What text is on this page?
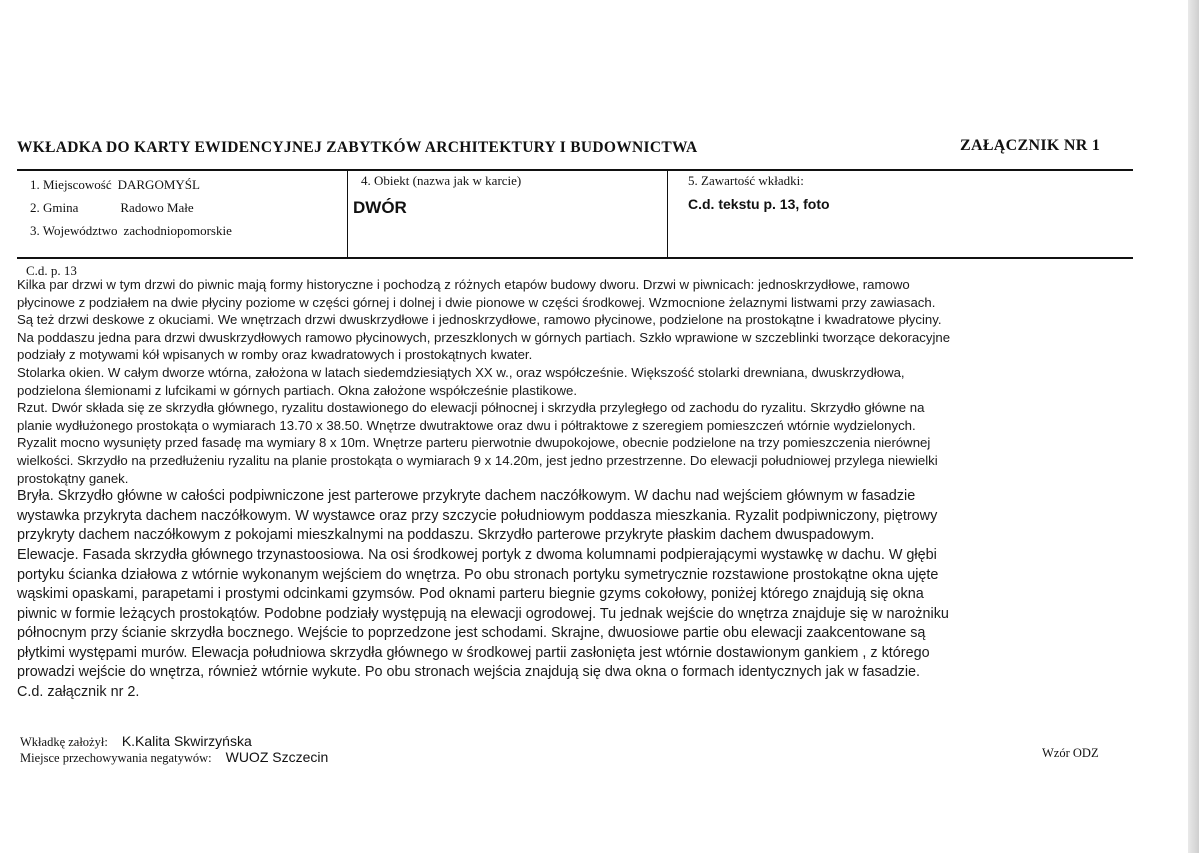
WKŁADKA DO KARTY EWIDENCYJNEJ ZABYTKÓW ARCHITEKTURY I BUDOWNICTWA	ZAŁĄCZNIK NR 1
1. Miejscowość DARGOMYŚL
2. Gmina	Radowo Małe
3. Województwo zachodniopomorskie
4. Obiekt (nazwa jak w karcie)
DWÓR
5. Zawartość wkładki:
C.d. tekstu p. 13, foto
C.d. p. 13
Kilka par drzwi w tym drzwi do piwnic mają formy historyczne i pochodzą z różnych etapów budowy dworu. Drzwi w piwnicach: jednoskrzydłowe, ramowo
płycinowe z podziałem na dwie płyciny poziome w części górnej i dolnej i dwie pionowe w części środkowej. Wzmocnione żelaznymi listwami przy zawiasach.
Są też drzwi deskowe z okuciami. We wnętrzach drzwi dwuskrzydłowe i jednoskrzydłowe, ramowo płycinowe, podzielone na prostokątne i kwadratowe płyciny.
Na poddaszu jedna para drzwi dwuskrzydłowych ramowo płycinowych, przeszklonych w górnych partiach. Szkło wprawione w szczeblinki tworzące dekoracyjne
podziały z motywami kół wpisanych w romby oraz kwadratowych i prostokątnych kwater.
Stolarka okien. W całym dworze wtórna, założona w latach siedemdziesiątych XX w., oraz współcześnie. Większość stolarki drewniana, dwuskrzydłowa,
podzielona ślemionami z lufcikami w górnych partiach. Okna założone współcześnie plastikowe.
Rzut. Dwór składa się ze skrzydła głównego, ryzalitu dostawionego do elewacji północnej i skrzydła przyległego od zachodu do ryzalitu. Skrzydło główne na
planie wydłużonego prostokąta o wymiarach 13.70 x 38.50. Wnętrze dwutraktowe oraz dwu i półtraktowe z szeregiem pomieszczeń wtórnie wydzielonych.
Ryzalit mocno wysunięty przed fasadę ma wymiary 8 x 10m. Wnętrze parteru pierwotnie dwupokojowe, obecnie podzielone na trzy pomieszczenia nierównej
wielkości. Skrzydło na przedłużeniu ryzalitu na planie prostokąta o wymiarach 9 x 14.20m, jest jedno przestrzenne. Do elewacji południowej przylega niewielki
prostokątny ganek.
Bryła. Skrzydło główne w całości podpiwniczone jest parterowe przykryte dachem naczółkowym. W dachu nad wejściem głównym w fasadzie
wystawka przykryta dachem naczółkowym. W wystawce oraz przy szczycie południowym poddasza mieszkania. Ryzalit podpiwniczony, piętrowy
przykryty dachem naczółkowym z pokojami mieszkalnymi na poddaszu. Skrzydło parterowe przykryte płaskim dachem dwuspadowym.
Elewacje. Fasada skrzydła głównego trzynastoosiowa. Na osi środkowej portyk z dwoma kolumnami podpierającymi wystawkę w dachu. W głębi
portyku ścianka działowa z wtórnie wykonanym wejściem do wnętrza. Po obu stronach portyku symetrycznie rozstawione prostokątne okna ujęte
wąskimi opaskami, parapetami i prostymi odcinkami gzymsów. Pod oknami parteru biegnie gzyms cokołowy, poniżej którego znajdują się okna
piwnic w formie leżących prostokątów. Podobne podziały występują na elewacji ogrodowej. Tu jednak wejście do wnętrza znajduje się w narożniku
północnym przy ścianie skrzydła bocznego. Wejście to poprzedzone jest schodami. Skrajne, dwuosiowe partie obu elewacji zaakcentowane są
płytkimi występami murów. Elewacja południowa skrzydła głównego w środkowej partii zasłonięta jest wtórnie dostawionym gankiem , z którego
prowadzi wejście do wnętrza, również wtórnie wykute. Po obu stronach wejścia znajdują się dwa okna o formach identycznych jak w fasadzie.
C.d. załącznik nr 2.
Wkładkę założył: K.Kalita Skwirzyńska
Miejsce przechowywania negatywów: WUOZ Szczecin	Wzór ODZ
